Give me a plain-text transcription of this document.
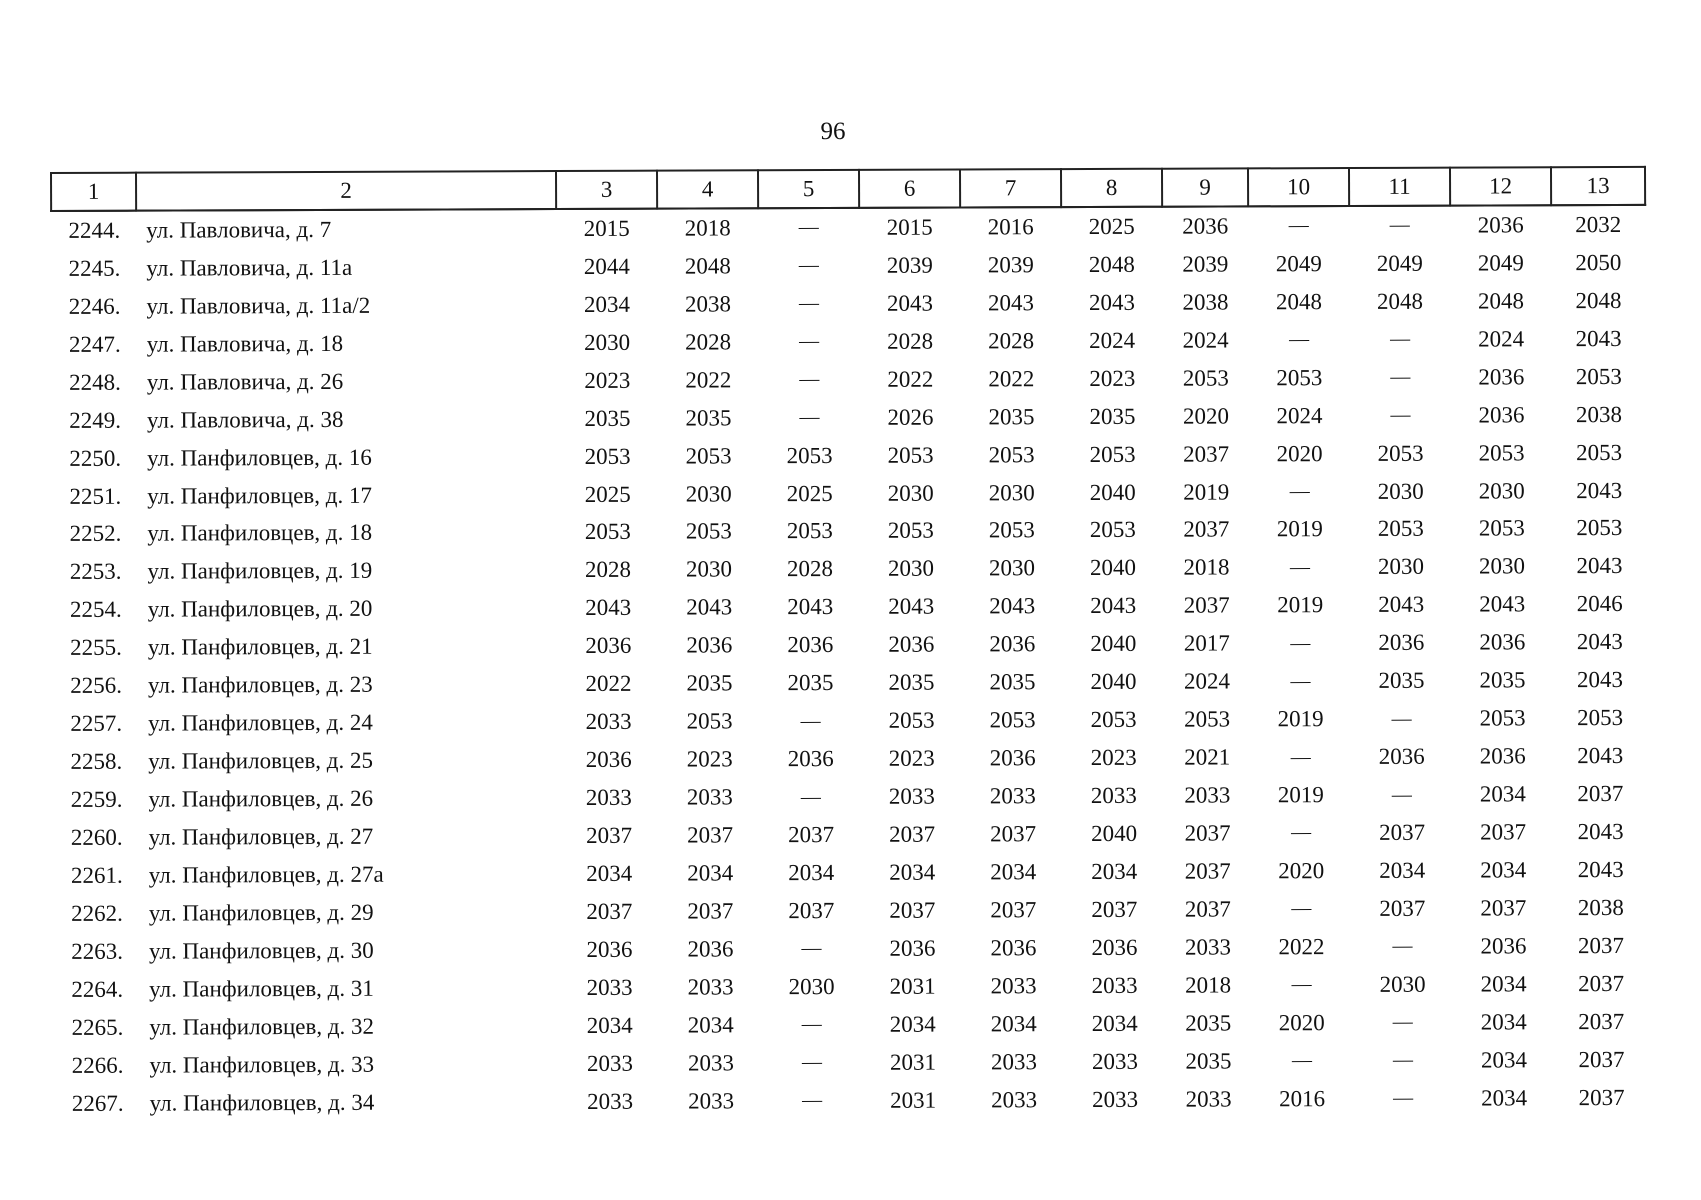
96
1	2	3	4	5	6	7	8	9	10	11	12	13
2244.	ул. Павловича, д. 7	2015	2018	—	2015	2016	2025	2036	—	—	2036	2032
2245.	ул. Павловича, д. 11а	2044	2048	—	2039	2039	2048	2039	2049	2049	2049	2050
2246.	ул. Павловича, д. 11а/2	2034	2038	—	2043	2043	2043	2038	2048	2048	2048	2048
2247.	ул. Павловича, д. 18	2030	2028	—	2028	2028	2024	2024	—	—	2024	2043
2248.	ул. Павловича, д. 26	2023	2022	—	2022	2022	2023	2053	2053	—	2036	2053
2249.	ул. Павловича, д. 38	2035	2035	—	2026	2035	2035	2020	2024	—	2036	2038
2250.	ул. Панфиловцев, д. 16	2053	2053	2053	2053	2053	2053	2037	2020	2053	2053	2053
2251.	ул. Панфиловцев, д. 17	2025	2030	2025	2030	2030	2040	2019	—	2030	2030	2043
2252.	ул. Панфиловцев, д. 18	2053	2053	2053	2053	2053	2053	2037	2019	2053	2053	2053
2253.	ул. Панфиловцев, д. 19	2028	2030	2028	2030	2030	2040	2018	—	2030	2030	2043
2254.	ул. Панфиловцев, д. 20	2043	2043	2043	2043	2043	2043	2037	2019	2043	2043	2046
2255.	ул. Панфиловцев, д. 21	2036	2036	2036	2036	2036	2040	2017	—	2036	2036	2043
2256.	ул. Панфиловцев, д. 23	2022	2035	2035	2035	2035	2040	2024	—	2035	2035	2043
2257.	ул. Панфиловцев, д. 24	2033	2053	—	2053	2053	2053	2053	2019	—	2053	2053
2258.	ул. Панфиловцев, д. 25	2036	2023	2036	2023	2036	2023	2021	—	2036	2036	2043
2259.	ул. Панфиловцев, д. 26	2033	2033	—	2033	2033	2033	2033	2019	—	2034	2037
2260.	ул. Панфиловцев, д. 27	2037	2037	2037	2037	2037	2040	2037	—	2037	2037	2043
2261.	ул. Панфиловцев, д. 27а	2034	2034	2034	2034	2034	2034	2037	2020	2034	2034	2043
2262.	ул. Панфиловцев, д. 29	2037	2037	2037	2037	2037	2037	2037	—	2037	2037	2038
2263.	ул. Панфиловцев, д. 30	2036	2036	—	2036	2036	2036	2033	2022	—	2036	2037
2264.	ул. Панфиловцев, д. 31	2033	2033	2030	2031	2033	2033	2018	—	2030	2034	2037
2265.	ул. Панфиловцев, д. 32	2034	2034	—	2034	2034	2034	2035	2020	—	2034	2037
2266.	ул. Панфиловцев, д. 33	2033	2033	—	2031	2033	2033	2035	—	—	2034	2037
2267.	ул. Панфиловцев, д. 34	2033	2033	—	2031	2033	2033	2033	2016	—	2034	2037
